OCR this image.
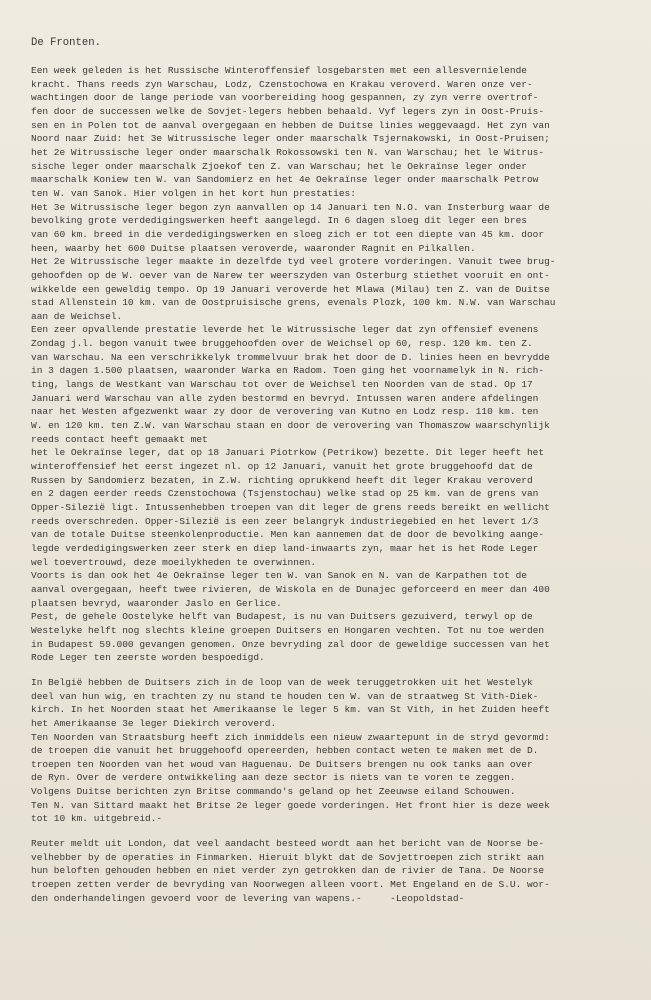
De Fronten.
Een week geleden is het Russische Winteroffensief losgebarsten met een allesvernielende
kracht. Thans reeds zyn Warschau, Lodz, Czenstochowa en Krakau veroverd. Waren onze ver-
wachtingen door de lange periode van voorbereiding hoog gespannen, zy zyn verre overtrof-
fen door de successen welke de Sovjet-legers hebben behaald. Vyf legers zyn in Oost-Pruis-
sen en in Polen tot de aanval overgegaan en hebben de Duitse linies weggevaagd. Het zyn van
Noord naar Zuid: het 3e Witrussische leger onder maarschalk Tsjernakowski, in Oost-Pruisen;
het 2e Witrussische leger onder maarschalk Rokossowski ten N. van Warschau; het le Witrus-
sische leger onder maarschalk Zjoekof ten Z. van Warschau; het le Oekraïnse leger onder
maarschalk Koniew ten W. van Sandomierz en het 4e Oekraïnse leger onder maarschalk Petrow
ten W. van Sanok. Hier volgen in het kort hun prestaties:
Het 3e Witrussische leger begon zyn aanvallen op 14 Januari ten N.O. van Insterburg waar de
bevolking grote verdedigingswerken heeft aangelegd. In 6 dagen sloeg dit leger een bres
van 60 km. breed in die verdedigingswerken en sloeg zich er tot een diepte van 45 km. door
heen, waarby het 600 Duitse plaatsen veroverde, waaronder Ragnit en Pilkallen.
Het 2e Witrussische leger maakte in dezelfde tyd veel grotere vorderingen. Vanuit twee brug-
gehoofden op de W. oever van de Narew ter weerszyden van Osterburg stiethet vooruit en ont-
wikkelde een geweldig tempo. Op 19 Januari veroverde het Mlawa (Milau) ten Z. van de Duitse
stad Allenstein 10 km. van de Oostpruisische grens, evenals Plozk, 100 km. N.W. van Warschau
aan de Weichsel.
Een zeer opvallende prestatie leverde het le Witrussische leger dat zyn offensief evenens
Zondag j.l. begon vanuit twee bruggehoofden over de Weichsel op 60, resp. 120 km. ten Z.
van Warschau. Na een verschrikkelyk trommelvuur brak het door de D. linies heen en bevrydde
in 3 dagen 1.500 plaatsen, waaronder Warka en Radom. Toen ging het voornamelyk in N. rich-
ting, langs de Westkant van Warschau tot over de Weichsel ten Noorden van de stad. Op 17
Januari werd Warschau van alle zyden bestormd en bevryd. Intussen waren andere afdelingen
naar het Westen afgezwenkt waar zy door de verovering van Kutno en Lodz resp. 110 km. ten
W. en 120 km. ten Z.W. van Warschau staan en door de verovering van Thomaszow waarschynlijk
reeds contact heeft gemaakt met
het le Oekraïnse leger, dat op 18 Januari Piotrkow (Petrikow) bezette. Dit leger heeft het
winteroffensief het eerst ingezet nl. op 12 Januari, vanuit het grote bruggehoofd dat de
Russen by Sandomierz bezaten, in Z.W. richting oprukkend heeft dit leger Krakau veroverd
en 2 dagen eerder reeds Czenstochowa (Tsjenstochau) welke stad op 25 km. van de grens van
Opper-Silezië ligt. Intussenhebben troepen van dit leger de grens reeds bereikt en wellicht
reeds overschreden. Opper-Silezië is een zeer belangryk industriegebied en het levert 1/3
van de totale Duitse steenkolenproductie. Men kan aannemen dat de door de bevolking aange-
legde verdedigingswerken zeer sterk en diep land-inwaarts zyn, maar het is het Rode Leger
wel toevertrouwd, deze moeilykheden te overwinnen.
Voorts is dan ook het 4e Oekraïnse leger ten W. van Sanok en N. van de Karpathen tot de
aanval overgegaan, heeft twee rivieren, de Wiskola en de Dunajec geforceerd en meer dan 400
plaatsen bevryd, waaronder Jaslo en Gerlice.
Pest, de gehele Oostelyke helft van Budapest, is nu van Duitsers gezuiverd, terwyl op de
Westelyke helft nog slechts kleine groepen Duitsers en Hongaren vechten. Tot nu toe werden
in Budapest 59.000 gevangen genomen. Onze bevryding zal door de geweldige successen van het
Rode Leger ten zeerste worden bespoedigd.
In België hebben de Duitsers zich in de loop van de week teruggetrokken uit het Westelyk
deel van hun wig, en trachten zy nu stand te houden ten W. van de straatweg St Vith-Diek-
kirch. In het Noorden staat het Amerikaanse le leger 5 km. van St Vith, in het Zuiden heeft
het Amerikaanse 3e leger Diekirch veroverd.
Ten Noorden van Straatsburg heeft zich inmiddels een nieuw zwaartepunt in de stryd gevormd:
de troepen die vanuit het bruggehoofd opereerden, hebben contact weten te maken met de D.
troepen ten Noorden van het woud van Haguenau. De Duitsers brengen nu ook tanks aan over
de Ryn. Over de verdere ontwikkeling aan deze sector is niets van te voren te zeggen.
Volgens Duitse berichten zyn Britse commando's geland op het Zeeuwse eiland Schouwen.
Ten N. van Sittard maakt het Britse 2e leger goede vorderingen. Het front hier is deze week
tot 10 km. uitgebreid.-
Reuter meldt uit London, dat veel aandacht besteed wordt aan het bericht van de Noorse be-
velhebber by de operaties in Finmarken. Hieruit blykt dat de Sovjettroepen zich strikt aan
hun beloften gehouden hebben en niet verder zyn getrokken dan de rivier de Tana. De Noorse
troepen zetten verder de bevryding van Noorwegen alleen voort. Met Engeland en de S.U. wor-
den onderhandelingen gevoerd voor de levering van wapens.-     -Leopoldstad-
